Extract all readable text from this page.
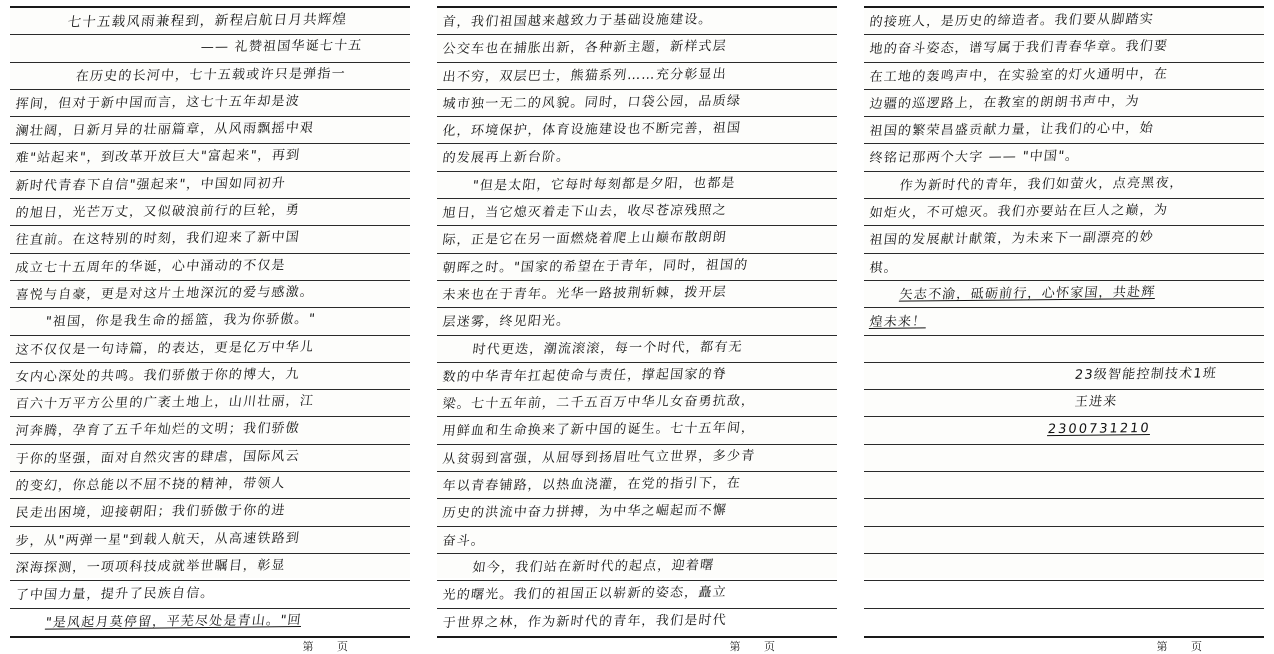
七十五载风雨兼程到，新程启航日月共辉煌
—— 礼赞祖国华诞七十五
在历史的长河中，七十五载或许只是弹指一
挥间，但对于新中国而言，这七十五年却是波
澜壮阔，日新月异的壮丽篇章，从风雨飘摇中艰
难"站起来"，到改革开放巨大"富起来"，再到
新时代青春下自信"强起来"，中国如同初升
的旭日，光芒万丈，又似破浪前行的巨轮，勇
往直前。在这特别的时刻，我们迎来了新中国
成立七十五周年的华诞，心中涌动的不仅是
喜悦与自豪，更是对这片土地深沉的爱与感激。
"祖国，你是我生命的摇篮，我为你骄傲。"
这不仅仅是一句诗篇，的表达，更是亿万中华儿
女内心深处的共鸣。我们骄傲于你的博大，九
百六十万平方公里的广袤土地上，山川壮丽，江
河奔腾，孕育了五千年灿烂的文明；我们骄傲
于你的坚强，面对自然灾害的肆虐，国际风云
的变幻，你总能以不屈不挠的精神，带领人
民走出困境，迎接朝阳；我们骄傲于你的进
步，从"两弹一星"到载人航天，从高速铁路到
深海探测，一项项科技成就举世瞩目，彰显
了中国力量，提升了民族自信。
"是风起月莫停留，平芜尽处是青山。"回
第 页
首，我们祖国越来越致力于基础设施建设。
公交车也在捕胀出新，各种新主题，新样式层
出不穷，双层巴士，熊猫系列……充分彰显出
城市独一无二的风貌。同时，口袋公园，品质绿
化，环境保护，体育设施建设也不断完善，祖国
的发展再上新台阶。
"但是太阳，它每时每刻都是夕阳，也都是
旭日，当它熄灭着走下山去，收尽苍凉残照之
际，正是它在另一面燃烧着爬上山巅布散朗朗
朝晖之时。"国家的希望在于青年，同时，祖国的
未来也在于青年。光华一路披荆斩棘，拨开层
层迷雾，终见阳光。
时代更迭，潮流滚滚，每一个时代，都有无
数的中华青年扛起使命与责任，撑起国家的脊
梁。七十五年前，二千五百万中华儿女奋勇抗敌，
用鲜血和生命换来了新中国的诞生。七十五年间，
从贫弱到富强，从屈辱到扬眉吐气立世界，多少青
年以青春铺路，以热血浇灌，在党的指引下，在
历史的洪流中奋力拼搏，为中华之崛起而不懈
奋斗。
如今，我们站在新时代的起点，迎着曙
光的曙光。我们的祖国正以崭新的姿态，矗立
于世界之林，作为新时代的青年，我们是时代
第 页
的接班人，是历史的缔造者。我们要从脚踏实
地的奋斗姿态，谱写属于我们青春华章。我们要
在工地的轰鸣声中，在实验室的灯火通明中，在
边疆的巡逻路上，在教室的朗朗书声中，为
祖国的繁荣昌盛贡献力量，让我们的心中，始
终铭记那两个大字 —— "中国"。
作为新时代的青年，我们如萤火，点亮黑夜，
如炬火，不可熄灭。我们亦要站在巨人之巅，为
祖国的发展献计献策，为未来下一副漂亮的妙
棋。
矢志不渝，砥砺前行，心怀家国，共赴辉
煌未来！
23级智能控制技术1班
王进来
2300731210
第 页
